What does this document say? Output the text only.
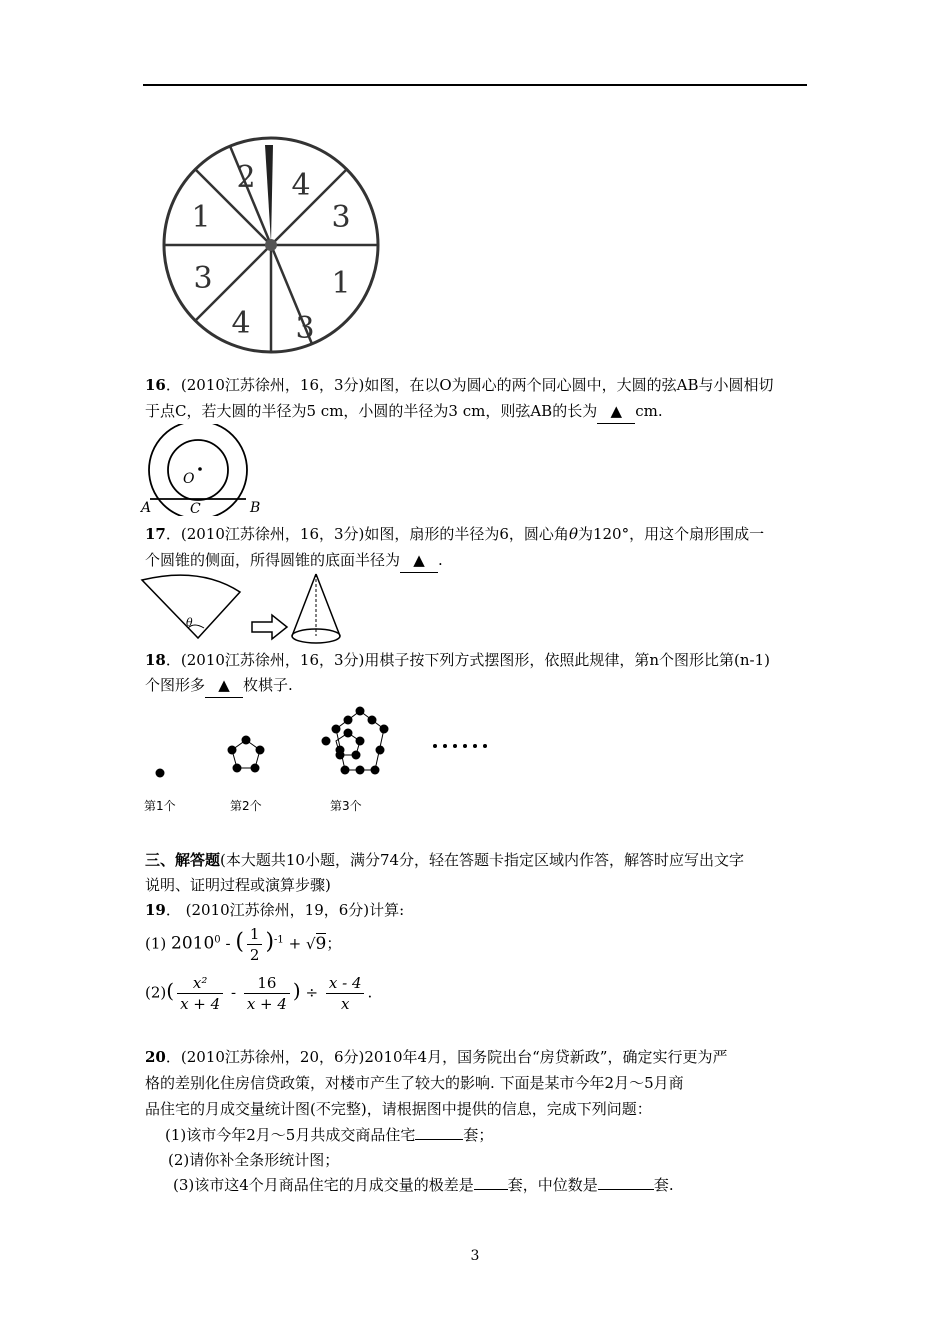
2 4
3
1
3
4 3
1
16．(2010江苏徐州，16，3分)如图，在以O为圆心的两个同心圆中，大圆的弦AB与小圆相切
于点C，若大圆的半径为5 cm，小圆的半径为3 cm，则弦AB的长为 ▲ cm.
O
A	C	B
17．(2010江苏徐州，16，3分)如图，扇形的半径为6，圆心角θ为120°，用这个扇形围成一
个圆锥的侧面，所得圆锥的底面半径为 ▲ .
θ
18．(2010江苏徐州，16，3分)用棋子按下列方式摆图形，依照此规律，第n个图形比第(n-1)
个图形多 ▲ 枚棋子.
第1个	第2个	第3个
三、解答题(本大题共10小题，满分74分，轻在答题卡指定区域内作答，解答时应写出文字
说明、证明过程或演算步骤)
19． (2010江苏徐州，19，6分)计算:
(1) 2010$^0$ - ( $\frac{1}{2} )^{-1} + √9$；
$(2)( \frac{\text{x²}}{x + 4} - \frac{16}{x + 4}$ ) ÷ $\frac{x - 4}{x}$ .
20．(2010江苏徐州，20，6分)2010年4月，国务院出台“房贷新政”，确定实行更为严
格的差别化住房信贷政策，对楼市产生了较大的影响. 下面是某市今年2月～5月商
品住宅的月成交量统计图(不完整)，请根据图中提供的信息，完成下列问题：
(1)该市今年2月～5月共成交商品住宅	套；
(2)请你补全条形统计图；
(3)该市这4个月商品住宅的月成交量的极差是 套，中位数是	套.
3
